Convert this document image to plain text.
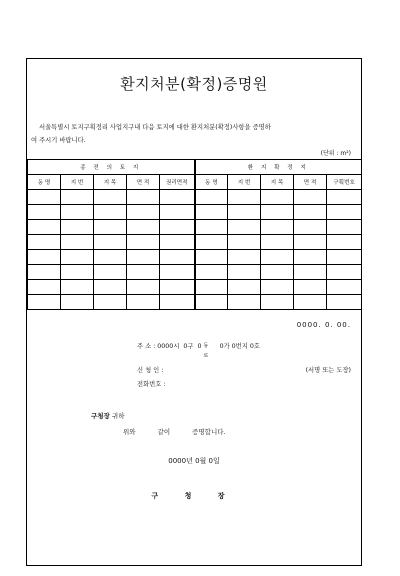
환지처분(확정)증명원
서울특별시 토지구획정리 사업지구내 다음 토지에 대한 환지처분(확정)사항을 증명하
여 주시기 바랍니다.
(단위 : m²)
종 전 의 토 지					환 지 확 정 지				
동 명	지 번	지 목	면 적	권리면적	동 명	지 번	지 목	면 적	구획번호

0000. 0. 00.
주 소 : 0000시 0구 0 동
로
0가 0번지 0호
신 청 인 :	(서명 또는 도장)
전화번호 :
구청장 귀하
위와	같이	증명합니다.
0000년 0월 0일
구 청 장
